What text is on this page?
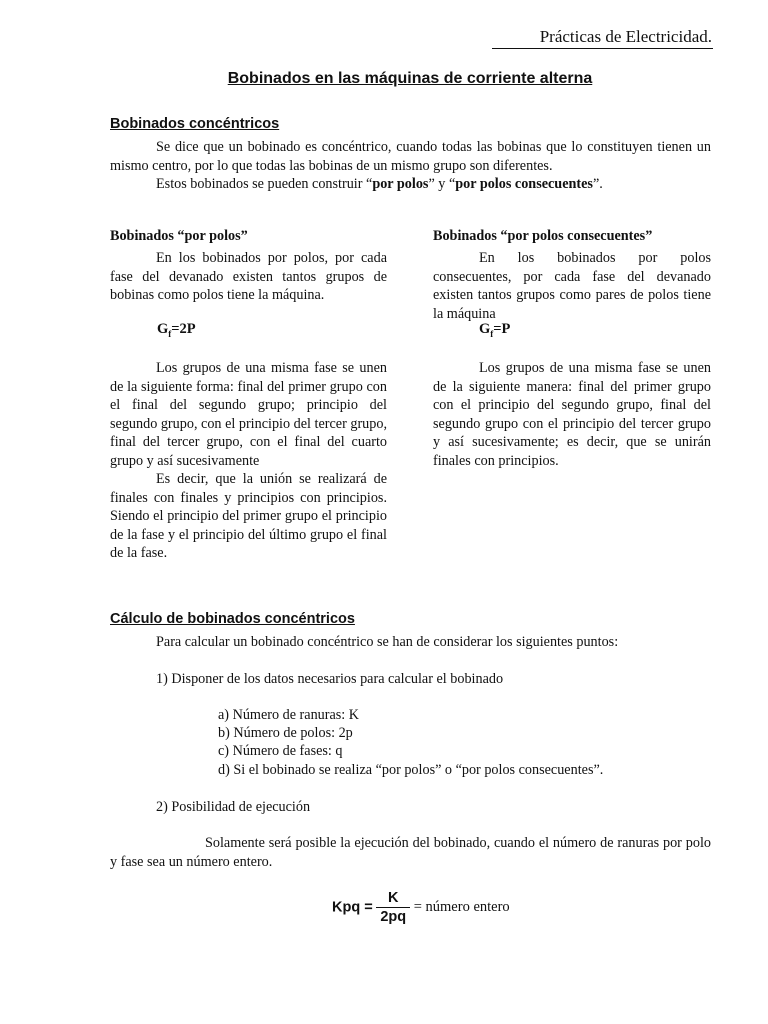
Prácticas de Electricidad.
Bobinados en las máquinas de corriente alterna
Bobinados concéntricos

Se dice que un bobinado es concéntrico, cuando todas las bobinas que lo constituyen tienen un mismo centro, por lo que todas las bobinas de un mismo grupo son diferentes.

Estos bobinados se pueden construir “por polos” y “por polos consecuentes”.

Bobinados “por polos”

En los bobinados por polos, por cada fase del devanado existen tantos grupos de bobinas como polos tiene la máquina.

$G_f=2P$

Los grupos de una misma fase se unen de la siguiente forma: final del primer grupo con el final del segundo grupo; principio del segundo grupo, con el principio del tercer grupo, final del tercer grupo, con el final del cuarto grupo y así sucesivamente

Es decir, que la unión se realizará de finales con finales y principios con principios. Siendo el principio del primer grupo el principio de la fase y el principio del último grupo el final de la fase.

Bobinados “por polos consecuentes”

En los bobinados por polos consecuentes, por cada fase del devanado existen tantos grupos como pares de polos tiene la máquina

$G_f=P$

Los grupos de una misma fase se unen de la siguiente manera: final del primer grupo con el principio del segundo grupo, final del segundo grupo con el principio del tercer grupo y así sucesivamente; es decir, que se unirán finales con principios.

Cálculo de bobinados concéntricos
Para calcular un bobinado concéntrico se han de considerar los siguientes puntos:
1) Disponer de los datos necesarios para calcular el bobinado
a) Número de ranuras: K
b) Número de polos: 2p
c) Número de fases: q
d) Si el bobinado se realiza “por polos” o “por polos consecuentes”.
2) Posibilidad de ejecución

Solamente será posible la ejecución del bobinado, cuando el número de ranuras por polo y fase sea un número entero.

Kpq = $\frac{K}{2pq}$ = número entero
